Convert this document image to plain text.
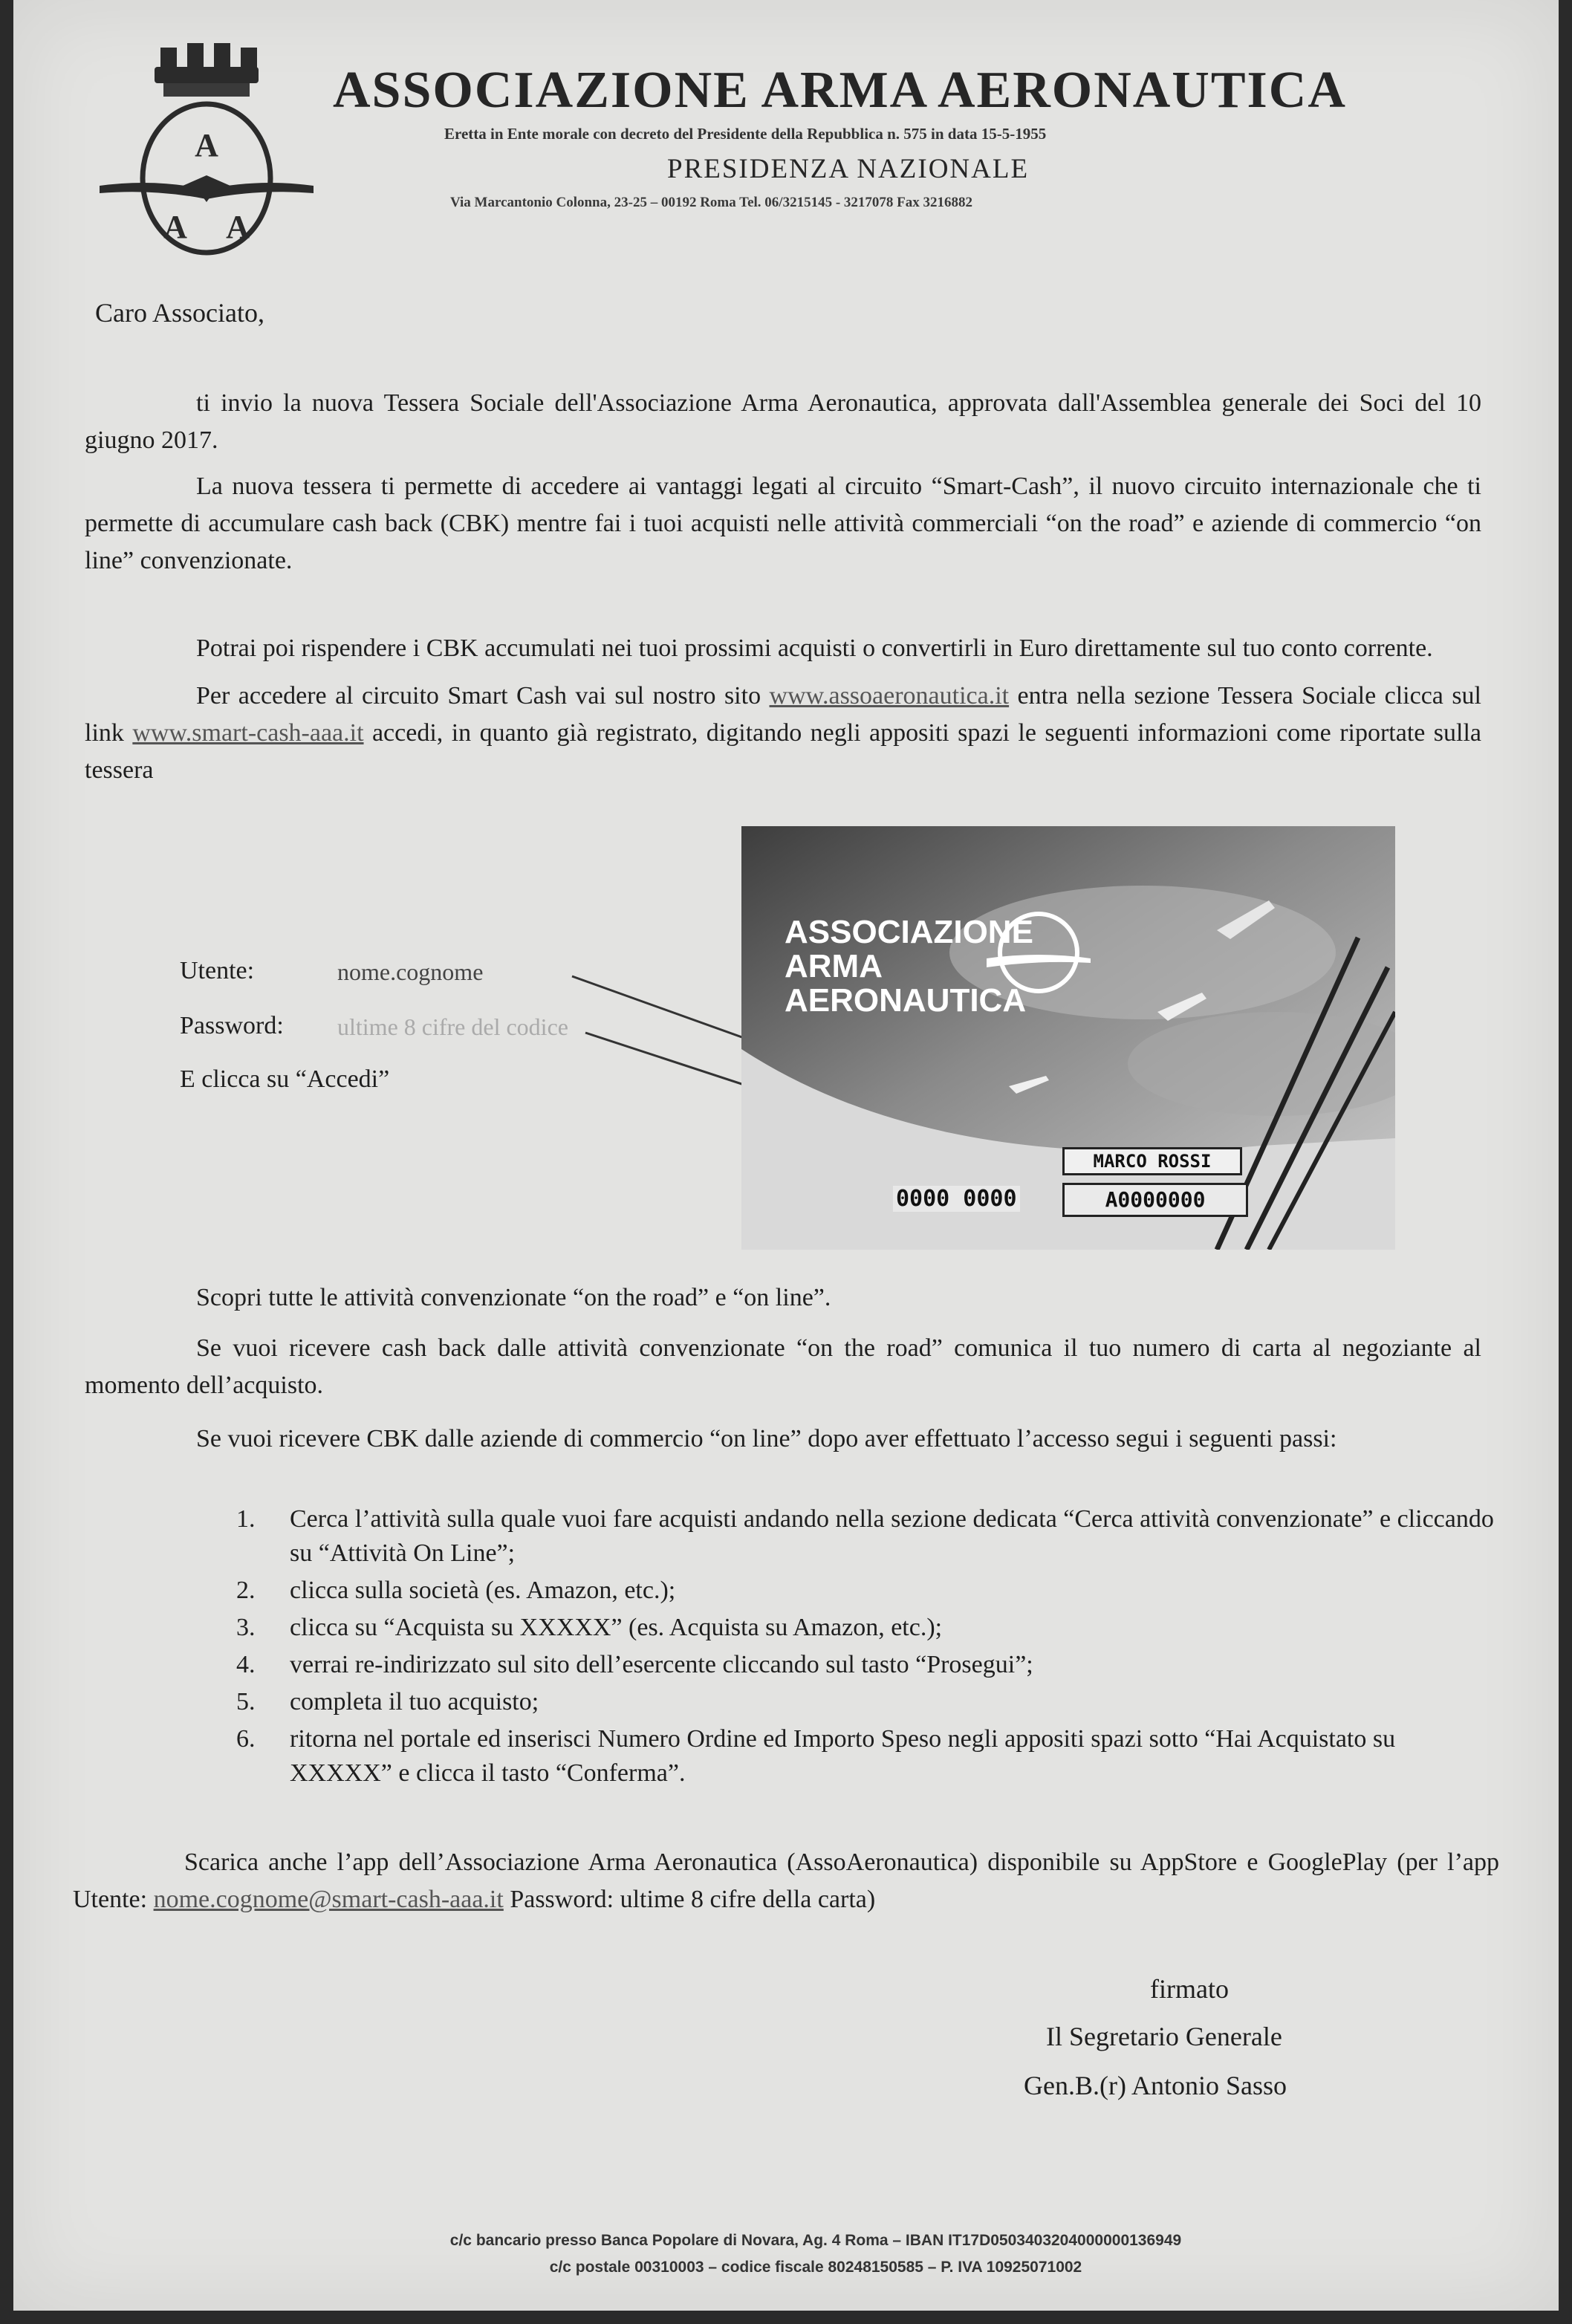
A
A A
ASSOCIAZIONE ARMA AERONAUTICA
Eretta in Ente morale con decreto del Presidente della Repubblica n. 575 in data 15-5-1955
PRESIDENZA NAZIONALE
Via Marcantonio Colonna, 23-25 – 00192 Roma Tel. 06/3215145 - 3217078 Fax 3216882
Caro Associato,
ti invio la nuova Tessera Sociale dell'Associazione Arma Aeronautica, approvata dall'Assemblea generale dei Soci del 10 giugno 2017.
La nuova tessera ti permette di accedere ai vantaggi legati al circuito “Smart-Cash”, il nuovo circuito internazionale che ti permette di accumulare cash back (CBK) mentre fai i tuoi acquisti nelle attività commerciali “on the road” e aziende di commercio “on line” convenzionate.
Potrai poi rispendere i CBK accumulati nei tuoi prossimi acquisti o convertirli in Euro direttamente sul tuo conto corrente.
Per accedere al circuito Smart Cash vai sul nostro sito www.assoaeronautica.it entra nella sezione Tessera Sociale clicca sul link www.smart-cash-aaa.it accedi, in quanto già registrato, digitando negli appositi spazi le seguenti informazioni come riportate sulla tessera
Utente:	nome.cognome
Password: ultime 8 cifre del codice
E clicca su “Accedi”
ASSOCIAZIONE
ARMA
AERONAUTICA
MARCO ROSSI
0000 0000	A0000000
Scopri tutte le attività convenzionate “on the road” e “on line”.
Se vuoi ricevere cash back dalle attività convenzionate “on the road” comunica il tuo numero di carta al negoziante al momento dell’acquisto.
Se vuoi ricevere CBK dalle aziende di commercio “on line” dopo aver effettuato l’accesso segui i seguenti passi:
1. Cerca l’attività sulla quale vuoi fare acquisti andando nella sezione dedicata “Cerca attività convenzionate” e cliccando su “Attività On Line”;
2. clicca sulla società (es. Amazon, etc.);
3. clicca su “Acquista su XXXXX” (es. Acquista su Amazon, etc.);
4. verrai re-indirizzato sul sito dell’esercente cliccando sul tasto “Prosegui”;
5. completa il tuo acquisto;
6. ritorna nel portale ed inserisci Numero Ordine ed Importo Speso negli appositi spazi sotto “Hai Acquistato su XXXXX” e clicca il tasto “Conferma”.
Scarica anche l’app dell’Associazione Arma Aeronautica (AssoAeronautica) disponibile su AppStore e GooglePlay (per l’app Utente: nome.cognome@smart-cash-aaa.it Password: ultime 8 cifre della carta)
firmato
Il Segretario Generale
Gen.B.(r) Antonio Sasso
c/c bancario presso Banca Popolare di Novara, Ag. 4 Roma – IBAN IT17D0503403204000000136949
c/c postale 00310003 – codice fiscale 80248150585 – P. IVA 10925071002
